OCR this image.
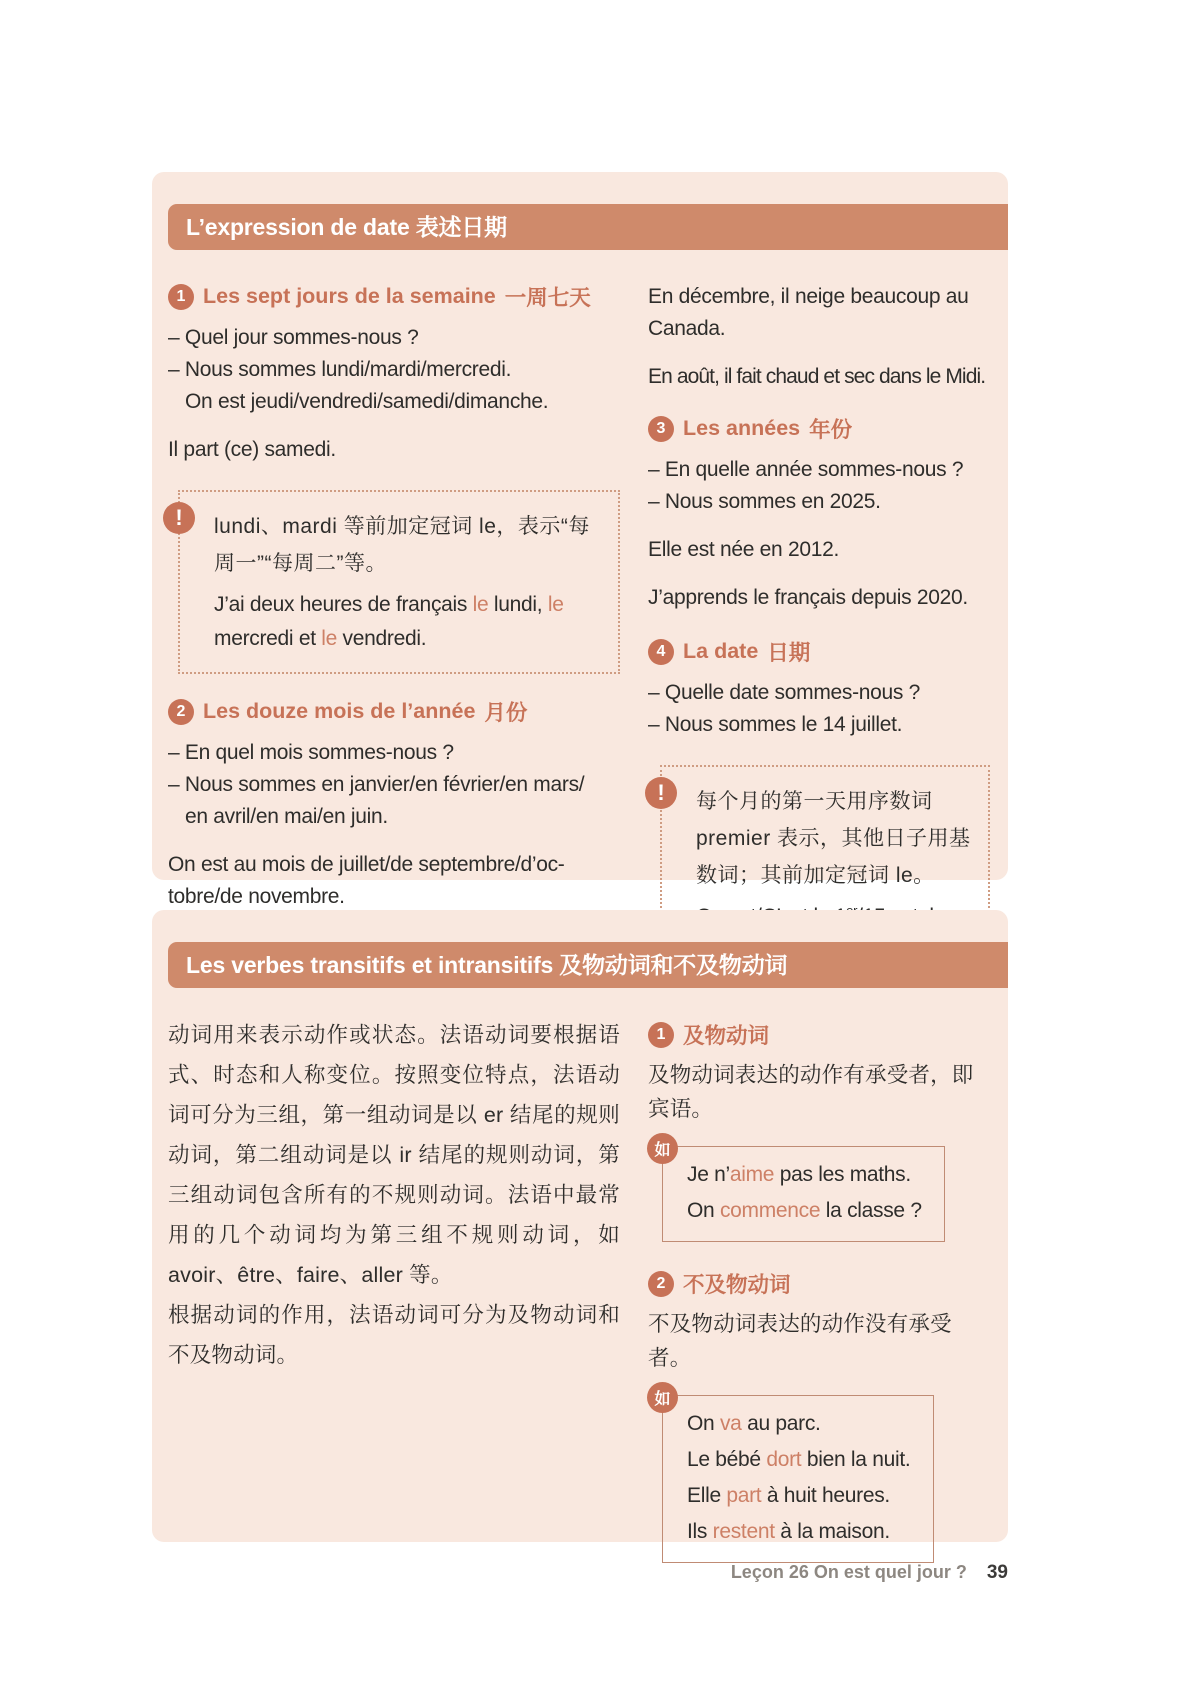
L’expression de date 表述日期
1 Les sept jours de la semaine 一周七天
– Quel jour sommes-nous ?
– Nous sommes lundi/mardi/mercredi.
On est jeudi/vendredi/samedi/dimanche.
Il part (ce) samedi.
!	lundi、mardi 等前加定冠词 le，表示“每周一”“每周二”等。
J’ai deux heures de français le lundi, le mercredi et le vendredi.
2 Les douze mois de l’année 月份
– En quel mois sommes-nous ?
– Nous sommes en janvier/en février/en mars/
en avril/en mai/en juin.
On est au mois de juillet/de septembre/d’oc-
tobre/de novembre.
En décembre, il neige beaucoup au Canada.
En août, il fait chaud et sec dans le Midi.
3 Les années 年份
– En quelle année sommes-nous ?
– Nous sommes en 2025.
Elle est née en 2012.
J’apprends le français depuis 2020.
4 La date 日期
– Quelle date sommes-nous ?
– Nous sommes le 14 juillet.
!	每个月的第一天用序数词 premier 表示，其他日子用基数词；其前加定冠词 le。
Les verbes transitifs et intransitifs 及物动词和不及物动词
动词用来表示动作或状态。法语动词要根据语式、时态和人称变位。按照变位特点，法语动词可分为三组，第一组动词是以 er 结尾的规则动词，第二组动词是以 ir 结尾的规则动词，第三组动词包含所有的不规则动词。法语中最常用的几个动词均为第三组不规则动词，如 avoir、être、faire、aller 等。
根据动词的作用，法语动词可分为及物动词和不及物动词。
1 及物动词
及物动词表达的动作有承受者，即宾语。
如
Je n’aime pas les maths.
On commence la classe ?
2 不及物动词
不及物动词表达的动作没有承受者。
如
On va au parc.
Le bébé dort bien la nuit.
Elle part à huit heures.
Ils restent à la maison.
Leçon 26 On est quel jour ? 39
